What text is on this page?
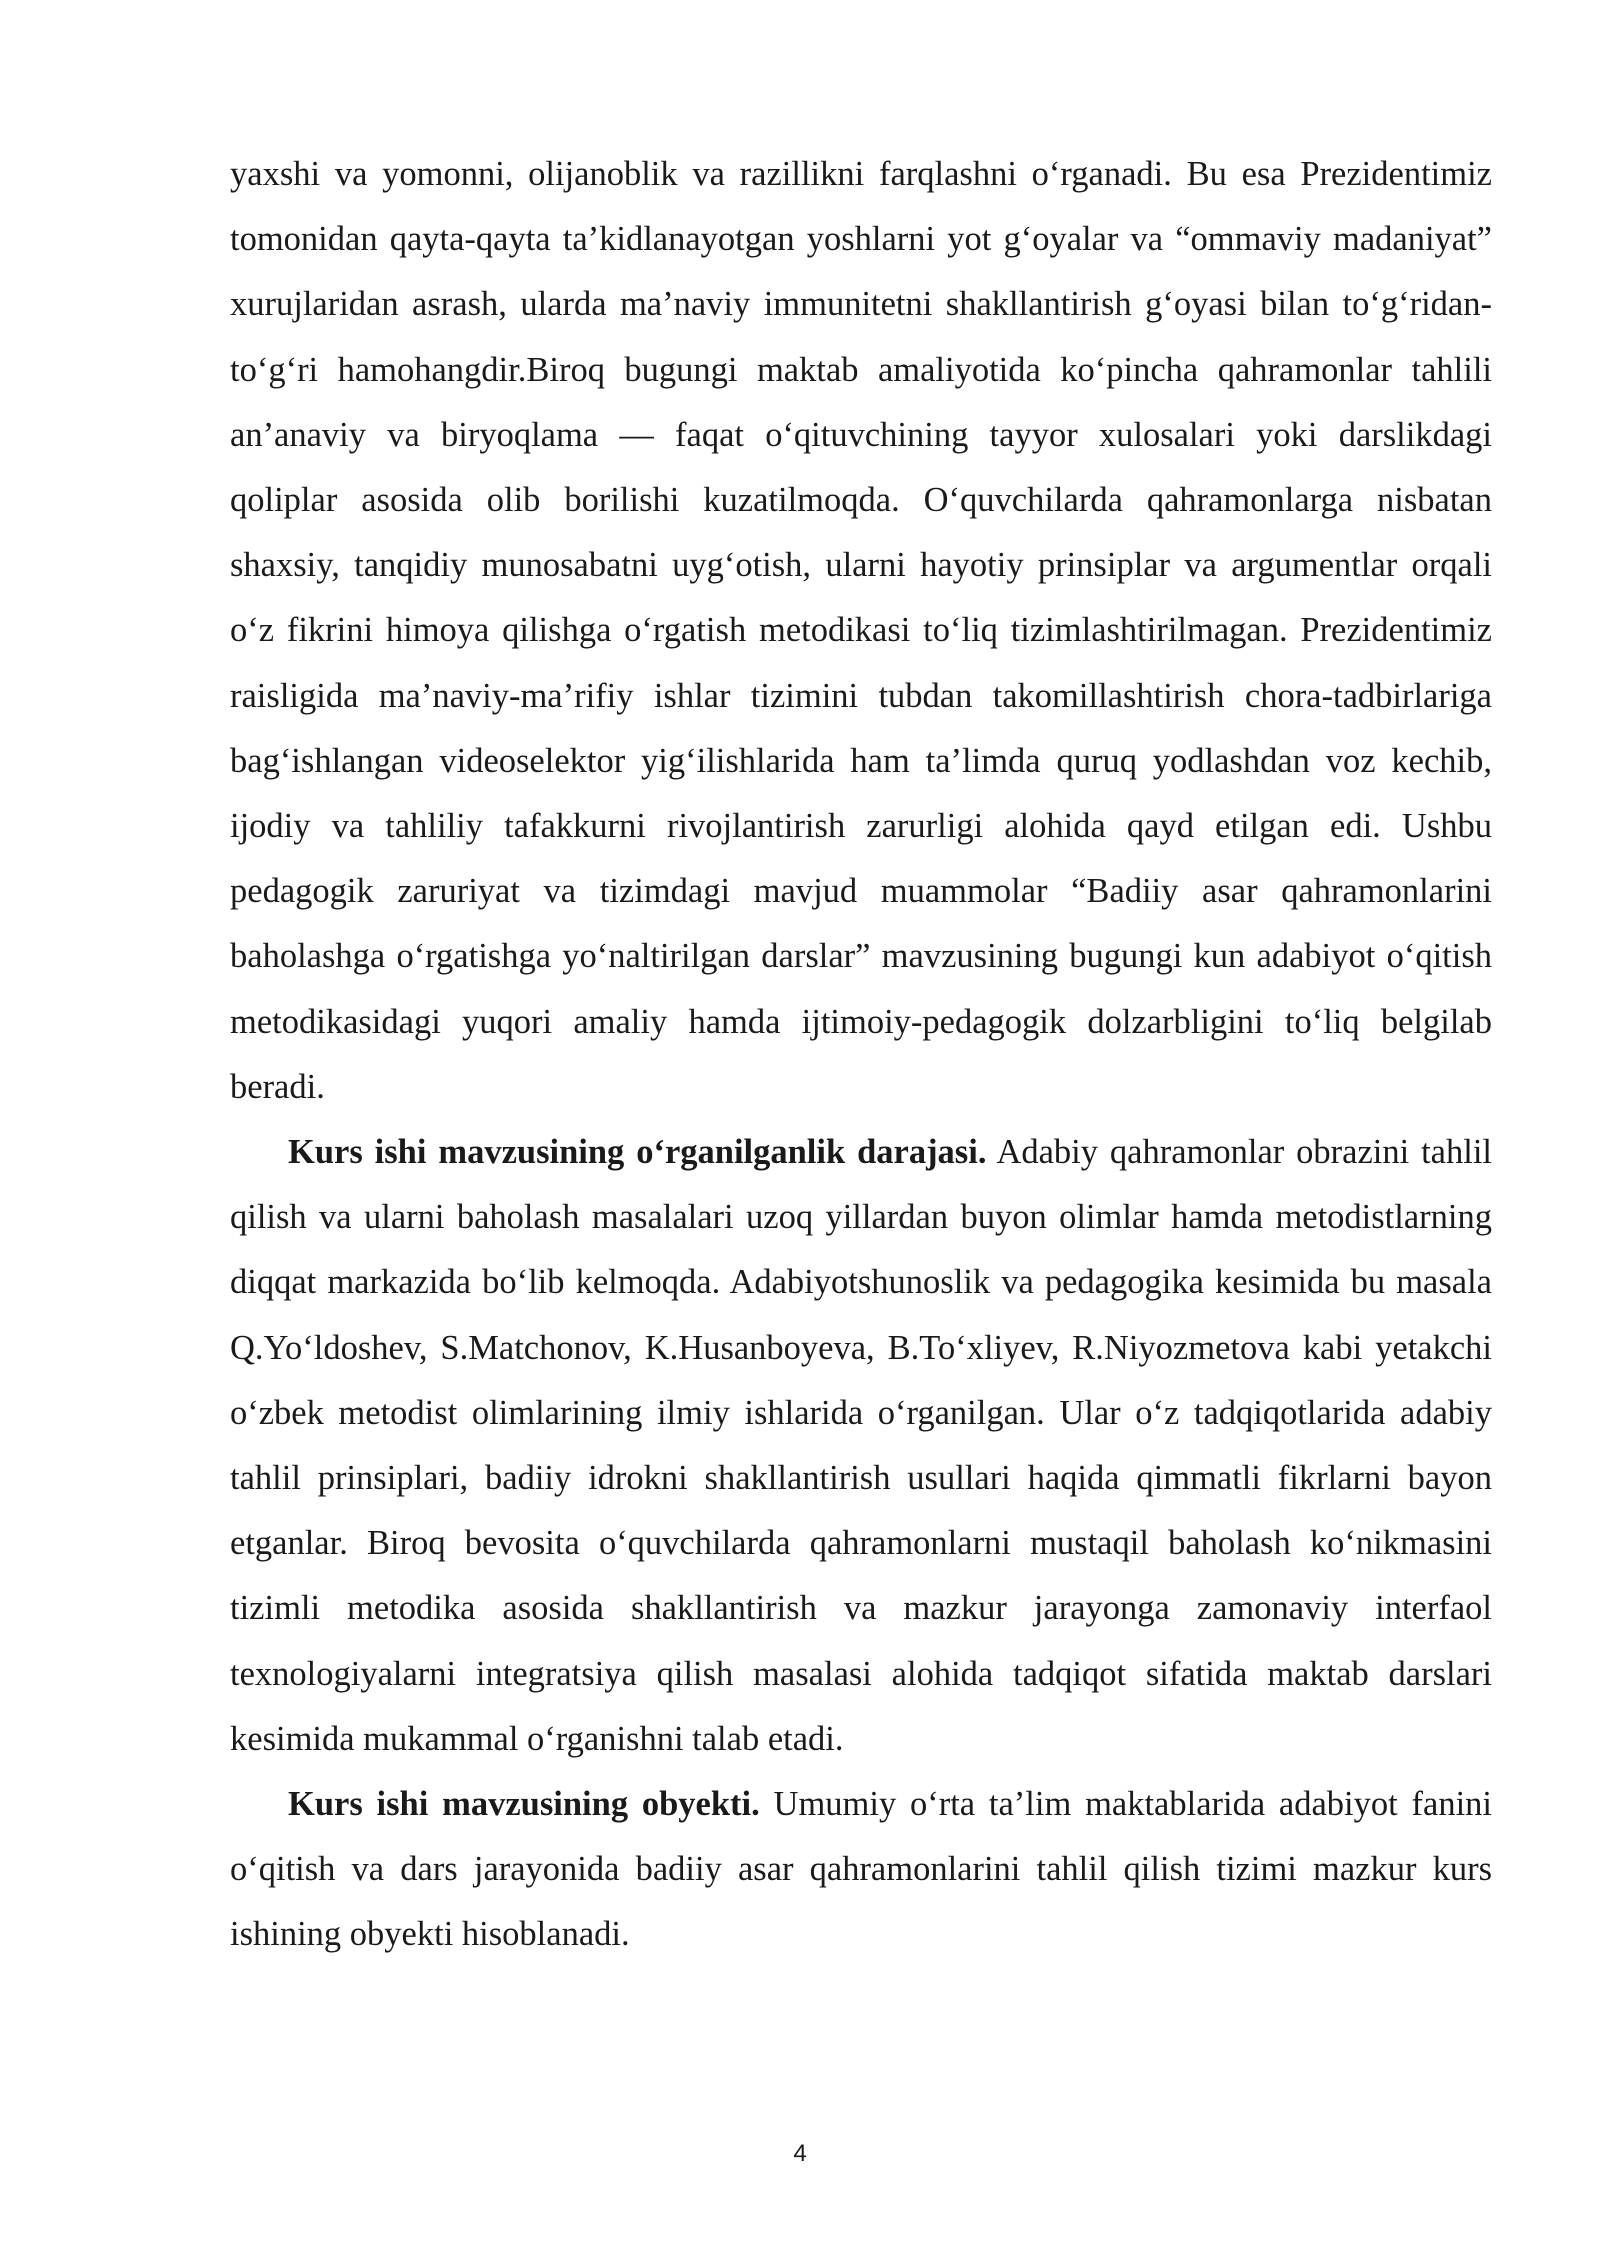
yaxshi va yomonni, olijanoblik va razillikni farqlashni o‘rganadi. Bu esa Prezidentimiz tomonidan qayta-qayta ta’kidlanayotgan yoshlarni yot g‘oyalar va “ommaviy madaniyat” xurujlaridan asrash, ularda ma’naviy immunitetni shakllantirish g‘oyasi bilan to‘g‘ridan-to‘g‘ri hamohangdir.Biroq bugungi maktab amaliyotida ko‘pincha qahramonlar tahlili an’anaviy va biryoqlama — faqat o‘qituvchining tayyor xulosalari yoki darslikdagi qoliplar asosida olib borilishi kuzatilmoqda. O‘quvchilarda qahramonlarga nisbatan shaxsiy, tanqidiy munosabatni uyg‘otish, ularni hayotiy prinsiplar va argumentlar orqali o‘z fikrini himoya qilishga o‘rgatish metodikasi to‘liq tizimlashtirilmagan. Prezidentimiz raisligida ma’naviy-ma’rifiy ishlar tizimini tubdan takomillashtirish chora-tadbirlariga bag‘ishlangan videoselektor yig‘ilishlarida ham ta’limda quruq yodlashdan voz kechib, ijodiy va tahliliy tafakkurni rivojlantirish zarurligi alohida qayd etilgan edi. Ushbu pedagogik zaruriyat va tizimdagi mavjud muammolar “Badiiy asar qahramonlarini baholashga o‘rgatishga yo‘naltirilgan darslar” mavzusining bugungi kun adabiyot o‘qitish metodikasidagi yuqori amaliy hamda ijtimoiy-pedagogik dolzarbligini to‘liq belgilab beradi.

Kurs ishi mavzusining o‘rganilganlik darajasi. Adabiy qahramonlar obrazini tahlil qilish va ularni baholash masalalari uzoq yillardan buyon olimlar hamda metodistlarning diqqat markazida bo‘lib kelmoqda. Adabiyotshunoslik va pedagogika kesimida bu masala Q.Yo‘ldoshev, S.Matchonov, K.Husanboyeva, B.To‘xliyev, R.Niyozmetova kabi yetakchi o‘zbek metodist olimlarining ilmiy ishlarida o‘rganilgan. Ular o‘z tadqiqotlarida adabiy tahlil prinsiplari, badiiy idrokni shakllantirish usullari haqida qimmatli fikrlarni bayon etganlar. Biroq bevosita o‘quvchilarda qahramonlarni mustaqil baholash ko‘nikmasini tizimli metodika asosida shakllantirish va mazkur jarayonga zamonaviy interfaol texnologiyalarni integratsiya qilish masalasi alohida tadqiqot sifatida maktab darslari kesimida mukammal o‘rganishni talab etadi.

Kurs ishi mavzusining obyekti. Umumiy o‘rta ta’lim maktablarida adabiyot fanini o‘qitish va dars jarayonida badiiy asar qahramonlarini tahlil qilish tizimi mazkur kurs ishining obyekti hisoblanadi.

4
